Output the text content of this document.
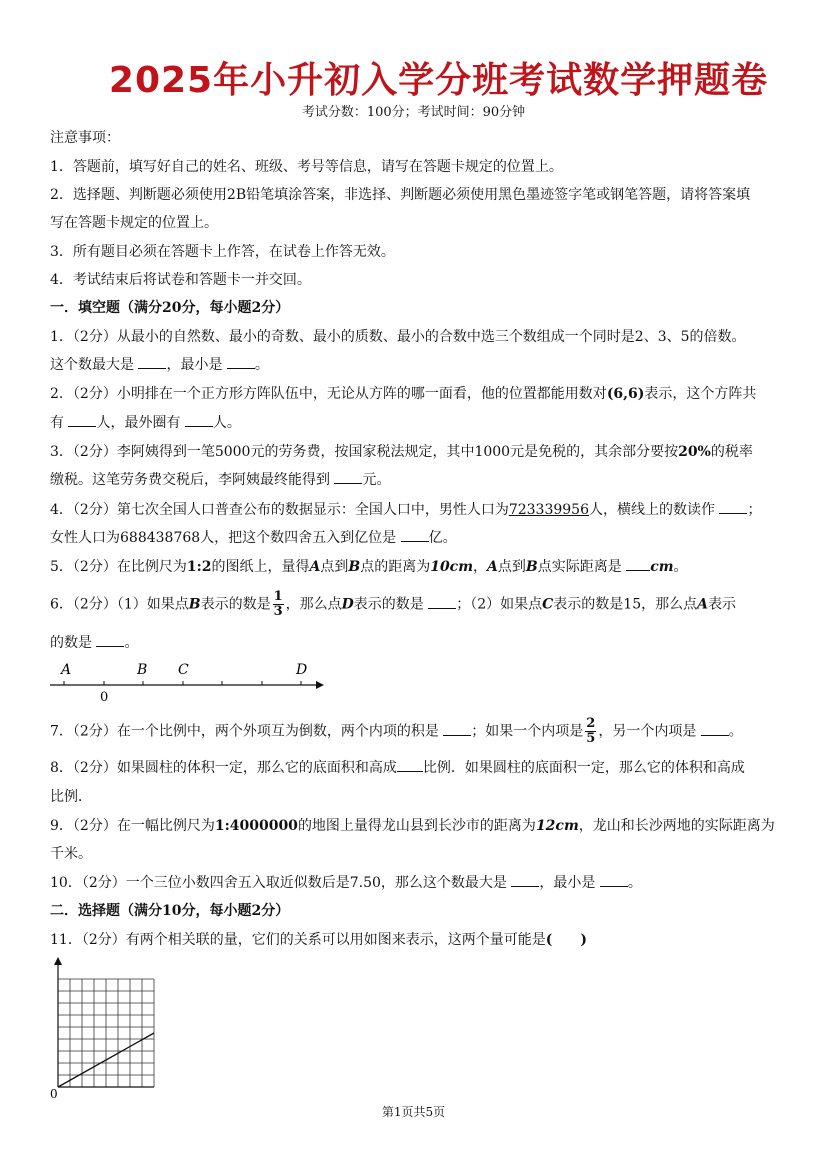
2025年小升初入学分班考试数学押题卷
考试分数：100分；考试时间：90分钟
注意事项：
1．答题前，填写好自己的姓名、班级、考号等信息，请写在答题卡规定的位置上。
2．选择题、判断题必须使用2B铅笔填涂答案，非选择、判断题必须使用黑色墨迹签字笔或钢笔答题，请将答案填
写在答题卡规定的位置上。
3．所有题目必须在答题卡上作答，在试卷上作答无效。
4．考试结束后将试卷和答题卡一并交回。
一．填空题（满分20分，每小题2分）
1．（2分）从最小的自然数、最小的奇数、最小的质数、最小的合数中选三个数组成一个同时是2、3、5的倍数。
这个数最大是 ，最小是 。
2．（2分）小明排在一个正方形方阵队伍中，无论从方阵的哪一面看，他的位置都能用数对(6,6)表示，这个方阵共
有 人，最外圈有 人。
3．（2分）李阿姨得到一笔5000元的劳务费，按国家税法规定，其中1000元是免税的，其余部分要按20%的税率
缴税。这笔劳务费交税后，李阿姨最终能得到 元。
4．（2分）第七次全国人口普查公布的数据显示：全国人口中，男性人口为723339956人，横线上的数读作 ；
女性人口为688438768人，把这个数四舍五入到亿位是 亿。
5．（2分）在比例尺为1:2的图纸上，量得A点到B点的距离为10cm，A点到B点实际距离是 cm。
6．（2分）（1）如果点B表示的数是 $\frac{1}{3}$ ，那么点D表示的数是 ；（2）如果点C表示的数是15，那么点A表示
的数是 。
A	B C	D
0
7．（2分）在一个比例中，两个外项互为倒数，两个内项的积是 ；如果一个内项是 $\frac{2}{5}$ ，另一个内项是 。
8．（2分）如果圆柱的体积一定，那么它的底面积和高成 比例．如果圆柱的底面积一定，那么它的体积和高成
比例．
9．（2分）在一幅比例尺为1:4000000的地图上量得龙山县到长沙市的距离为12cm，龙山和长沙两地的实际距离为
千米。
10．（2分）一个三位小数四舍五入取近似数后是7.50，那么这个数最大是 ，最小是 。
二．选择题（满分10分，每小题2分）
11．（2分）有两个相关联的量，它们的关系可以用如图来表示，这两个量可能是(　　)
0
第1页共5页
